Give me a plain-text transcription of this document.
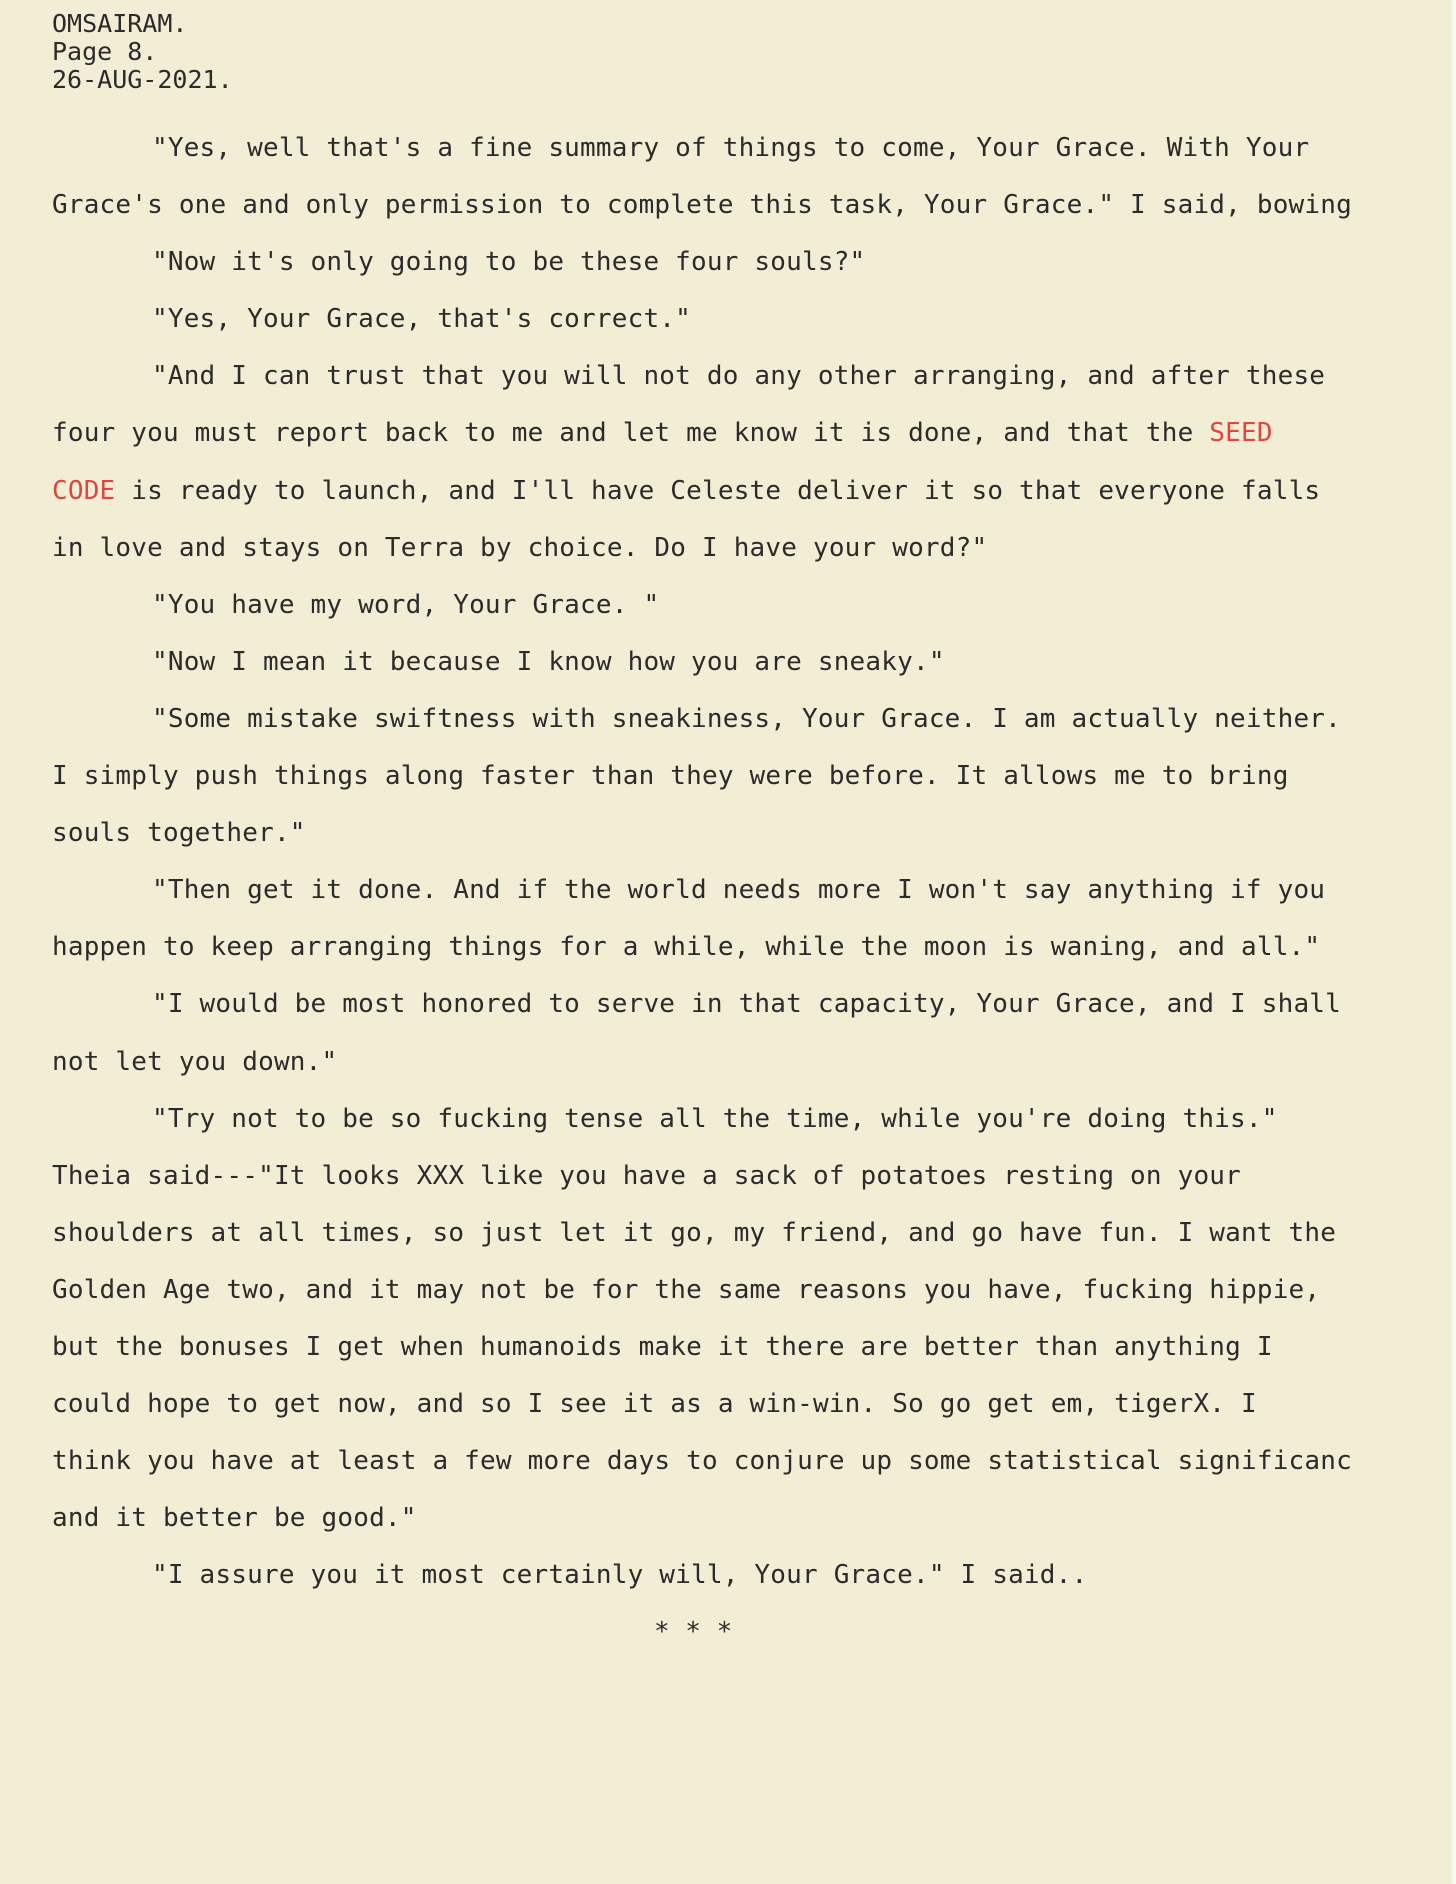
OMSAIRAM.

Page 8.

26-AUG-2021.

"Yes, well that's a fine summary of things to come, Your Grace. With Your

Grace's one and only permission to complete this task, Your Grace." I said, bowing

"Now it's only going to be these four souls?"

"Yes, Your Grace, that's correct."

"And I can trust that you will not do any other arranging, and after these

four you must report back to me and let me know it is done, and that the SEED

CODE is ready to launch, and I'll have Celeste deliver it so that everyone falls

in love and stays on Terra by choice. Do I have your word?"

"You have my word, Your Grace. "

"Now I mean it because I know how you are sneaky."

"Some mistake swiftness with sneakiness, Your Grace. I am actually neither.

I simply push things along faster than they were before. It allows me to bring

souls together."

"Then get it done. And if the world needs more I won't say anything if you

happen to keep arranging things for a while, while the moon is waning, and all."

"I would be most honored to serve in that capacity, Your Grace, and I shall

not let you down."

"Try not to be so fucking tense all the time, while you're doing this."

Theia said---"It looks XXX like you have a sack of potatoes resting on your

shoulders at all times, so just let it go, my friend, and go have fun. I want the

Golden Age two, and it may not be for the same reasons you have, fucking hippie,

but the bonuses I get when humanoids make it there are better than anything I

could hope to get now, and so I see it as a win-win. So go get em, tigerX. I

think you have at least a few more days to conjure up some statistical significanc

and it better be good."

"I assure you it most certainly will, Your Grace." I said..

* * *
